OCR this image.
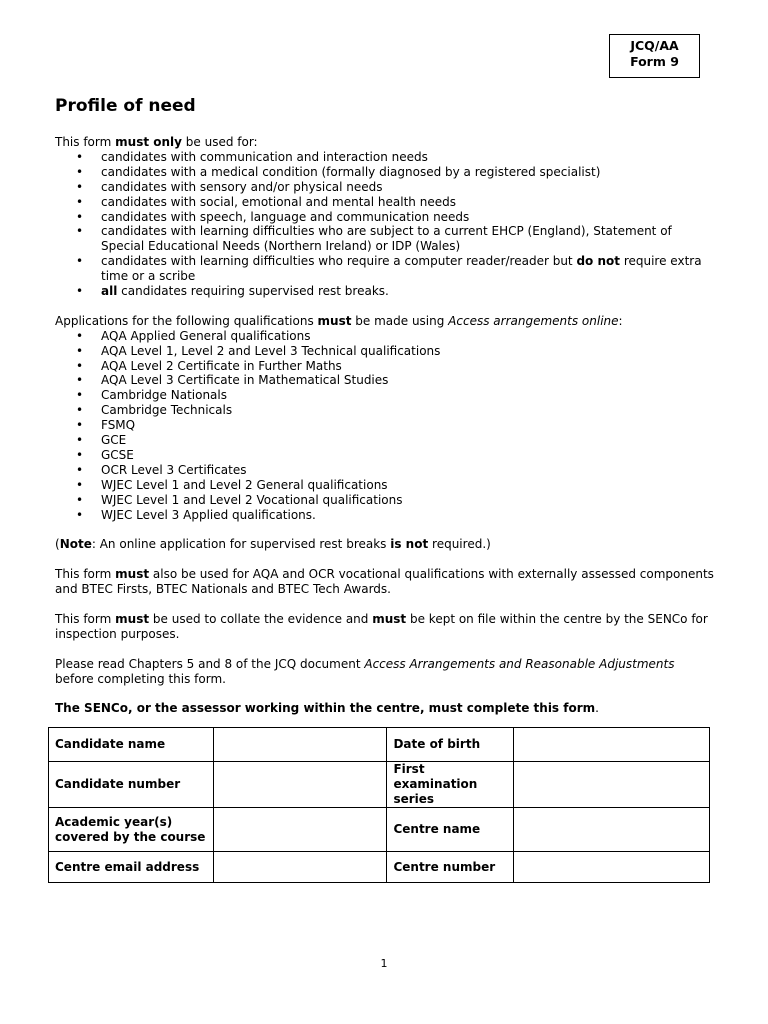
JCQ/AA
Form 9
Profile of need

This form must only be used for:

• candidates with communication and interaction needs
• candidates with a medical condition (formally diagnosed by a registered specialist)
• candidates with sensory and/or physical needs
• candidates with social, emotional and mental health needs
• candidates with speech, language and communication needs
• candidates with learning difficulties who are subject to a current EHCP (England), Statement of Special Educational Needs (Northern Ireland) or IDP (Wales)
• candidates with learning difficulties who require a computer reader/reader but do not require extra time or a scribe
• all candidates requiring supervised rest breaks.

Applications for the following qualifications must be made using Access arrangements online:

• AQA Applied General qualifications
• AQA Level 1, Level 2 and Level 3 Technical qualifications
• AQA Level 2 Certificate in Further Maths
• AQA Level 3 Certificate in Mathematical Studies
• Cambridge Nationals
• Cambridge Technicals
• FSMQ
• GCE
• GCSE
• OCR Level 3 Certificates
• WJEC Level 1 and Level 2 General qualifications
• WJEC Level 1 and Level 2 Vocational qualifications
• WJEC Level 3 Applied qualifications.

(Note: An online application for supervised rest breaks is not required.)

This form must also be used for AQA and OCR vocational qualifications with externally assessed components and BTEC Firsts, BTEC Nationals and BTEC Tech Awards.

This form must be used to collate the evidence and must be kept on file within the centre by the SENCo for inspection purposes.

Please read Chapters 5 and 8 of the JCQ document Access Arrangements and Reasonable Adjustments before completing this form.

The SENCo, or the assessor working within the centre, must complete this form.

Candidate name		Date of birth	
Candidate number		First examination series	
Academic year(s) covered by the course		Centre name	
Centre email address		Centre number	
1
